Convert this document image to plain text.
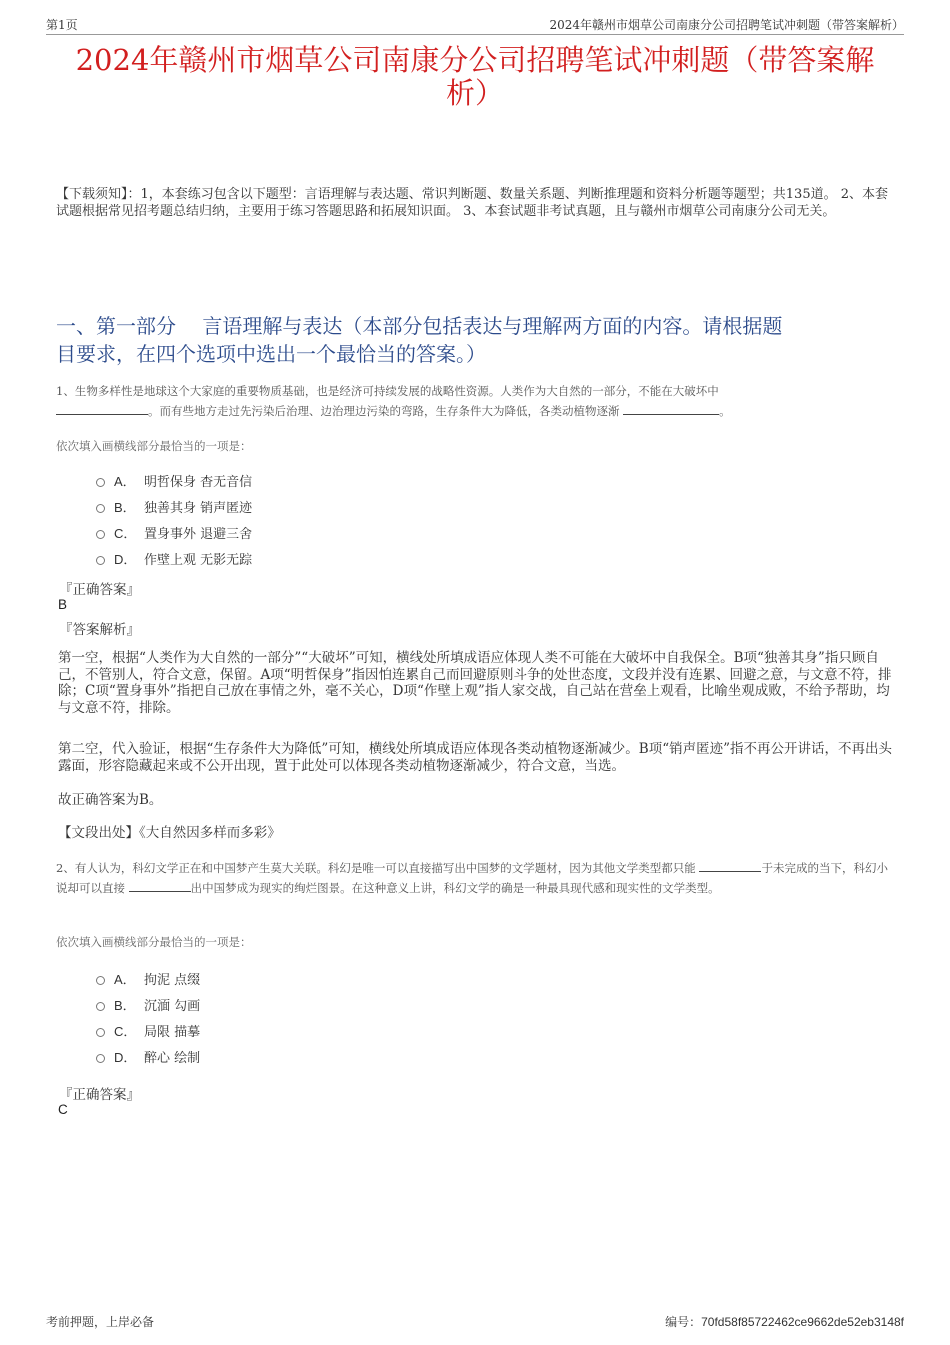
第1页	2024年赣州市烟草公司南康分公司招聘笔试冲刺题（带答案解析）
2024年赣州市烟草公司南康分公司招聘笔试冲刺题（带答案解
析）
【下载须知】：1，本套练习包含以下题型：言语理解与表达题、常识判断题、数量关系题、判断推理题和资料分析题等题型；共135道。 2、本套试题根据常见招考题总结归纳，主要用于练习答题思路和拓展知识面。 3、本套试题非考试真题，且与赣州市烟草公司南康分公司无关。
一、第一部分　 言语理解与表达（本部分包括表达与理解两方面的内容。请根据题
目要求，在四个选项中选出一个最恰当的答案。）
1、生物多样性是地球这个大家庭的重要物质基础，也是经济可持续发展的战略性资源。人类作为大自然的一部分，不能在大破坏中
。而有些地方走过先污染后治理、边治理边污染的弯路，生存条件大为降低，各类动植物逐渐	。
依次填入画横线部分最恰当的一项是：
A． 明哲保身 杳无音信
B． 独善其身 销声匿迹
C． 置身事外 退避三舍
D． 作壁上观 无影无踪
『正确答案』
B
『答案解析』
第一空，根据“人类作为大自然的一部分”“大破坏”可知，横线处所填成语应体现人类不可能在大破坏中自我保全。B项“独善其身”指只顾自己，不管别人，符合文意，保留。A项“明哲保身”指因怕连累自己而回避原则斗争的处世态度，文段并没有连累、回避之意，与文意不符，排除；C项“置身事外”指把自己放在事情之外，毫不关心，D项“作壁上观”指人家交战，自己站在营垒上观看，比喻坐观成败，不给予帮助，均与文意不符，排除。
第二空，代入验证，根据“生存条件大为降低”可知，横线处所填成语应体现各类动植物逐渐减少。B项“销声匿迹”指不再公开讲话，不再出头露面，形容隐藏起来或不公开出现，置于此处可以体现各类动植物逐渐减少，符合文意，当选。
故正确答案为B。
【文段出处】《大自然因多样而多彩》
2、有人认为，科幻文学正在和中国梦产生莫大关联。科幻是唯一可以直接描写出中国梦的文学题材，因为其他文学类型都只能	于未完成的当下，科幻小说却可以直接	出中国梦成为现实的绚烂图景。在这种意义上讲，科幻文学的确是一种最具现代感和现实性的文学类型。
依次填入画横线部分最恰当的一项是：
A． 拘泥 点缀
B． 沉湎 勾画
C． 局限 描摹
D． 醉心 绘制
『正确答案』
C
考前押题，上岸必备	编号：70fd58f85722462ce9662de52eb3148f
